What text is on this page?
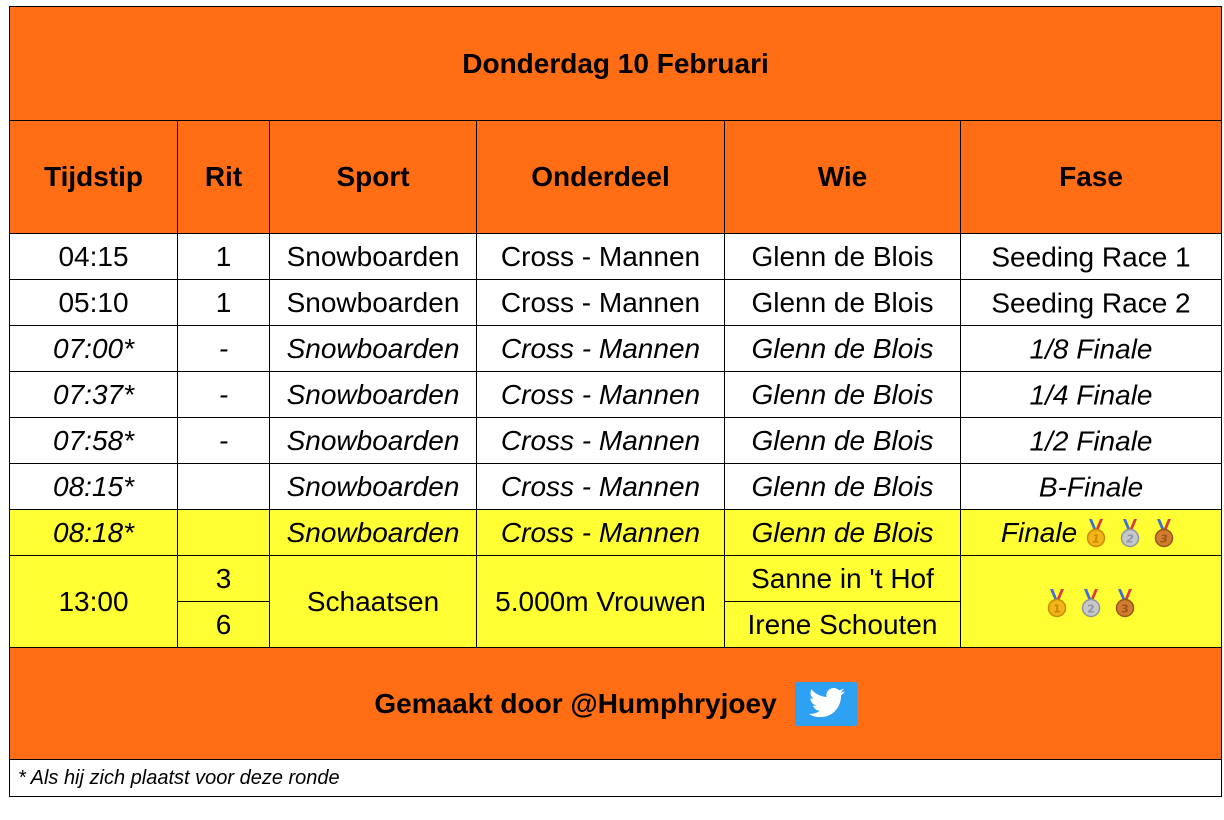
Donderdag 10 Februari					
Tijdstip	Rit	Sport	Onderdeel	Wie	Fase
04:15	1	Snowboarden	Cross - Mannen	Glenn de Blois	Seeding Race 1
05:10	1	Snowboarden	Cross - Mannen	Glenn de Blois	Seeding Race 2
07:00*	-	Snowboarden	Cross - Mannen	Glenn de Blois	1/8 Finale
07:37*	-	Snowboarden	Cross - Mannen	Glenn de Blois	1/4 Finale
07:58*	-	Snowboarden	Cross - Mannen	Glenn de Blois	1/2 Finale
08:15*		Snowboarden	Cross - Mannen	Glenn de Blois	B-Finale
08:18*		Snowboarden	Cross - Mannen	Glenn de Blois	Finale 1 2 3

13:00	3	Schaatsen	5.000m Vrouwen	Sanne in 't Hof	1 2 3

	6			Irene Schouten	
Gemaakt door @Humphryjoey					
* Als hij zich plaatst voor deze ronde					
